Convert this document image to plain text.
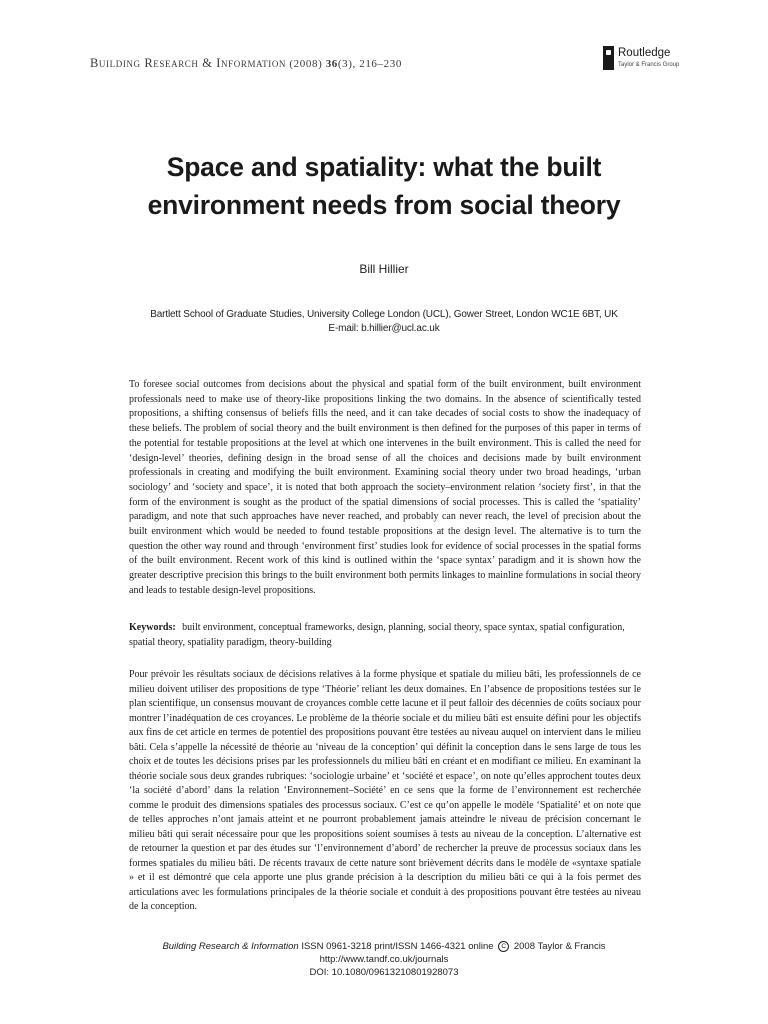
Building Research & Information (2008) 36(3), 216–230
Routledge
Taylor & Francis Group
Space and spatiality: what the built environment needs from social theory
Bill Hillier
Bartlett School of Graduate Studies, University College London (UCL), Gower Street, London WC1E 6BT, UK
E-mail: b.hillier@ucl.ac.uk

To foresee social outcomes from decisions about the physical and spatial form of the built environment, built environment professionals need to make use of theory-like propositions linking the two domains. In the absence of scientifically tested propositions, a shifting consensus of beliefs fills the need, and it can take decades of social costs to show the inadequacy of these beliefs. The problem of social theory and the built environment is then defined for the purposes of this paper in terms of the potential for testable propositions at the level at which one intervenes in the built environment. This is called the need for ‘design-level’ theories, defining design in the broad sense of all the choices and decisions made by built environment professionals in creating and modifying the built environment. Examining social theory under two broad headings, ‘urban sociology’ and ‘society and space’, it is noted that both approach the society–environment relation ‘society first’, in that the form of the environment is sought as the product of the spatial dimensions of social processes. This is called the ‘spatiality’ paradigm, and note that such approaches have never reached, and probably can never reach, the level of precision about the built environment which would be needed to found testable propositions at the design level. The alternative is to turn the question the other way round and through ‘environment first’ studies look for evidence of social processes in the spatial forms of the built environment. Recent work of this kind is outlined within the ‘space syntax’ paradigm and it is shown how the greater descriptive precision this brings to the built environment both permits linkages to mainline formulations in social theory and leads to testable design-level propositions.

Keywords: built environment, conceptual frameworks, design, planning, social theory, space syntax, spatial configuration, spatial theory, spatiality paradigm, theory-building

Pour prévoir les résultats sociaux de décisions relatives à la forme physique et spatiale du milieu bâti, les professionnels de ce milieu doivent utiliser des propositions de type ‘Théorie’ reliant les deux domaines. En l’absence de propositions testées sur le plan scientifique, un consensus mouvant de croyances comble cette lacune et il peut falloir des décennies de coûts sociaux pour montrer l’inadéquation de ces croyances. Le problème de la théorie sociale et du milieu bâti est ensuite défini pour les objectifs aux fins de cet article en termes de potentiel des propositions pouvant être testées au niveau auquel on intervient dans le milieu bâti. Cela s’appelle la nécessité de théorie au ‘niveau de la conception’ qui définit la conception dans le sens large de tous les choix et de toutes les décisions prises par les professionnels du milieu bâti en créant et en modifiant ce milieu. En examinant la théorie sociale sous deux grandes rubriques: ‘sociologie urbaine’ et ‘société et espace’, on note qu’elles approchent toutes deux ‘la société d’abord’ dans la relation ‘Environnement–Société’ en ce sens que la forme de l’environnement est recherchée comme le produit des dimensions spatiales des processus sociaux. C’est ce qu’on appelle le modèle ‘Spatialité’ et on note que de telles approches n’ont jamais atteint et ne pourront probablement jamais atteindre le niveau de précision concernant le milieu bâti qui serait nécessaire pour que les propositions soient soumises à tests au niveau de la conception. L’alternative est de retourner la question et par des études sur ‘l’environnement d’abord’ de rechercher la preuve de processus sociaux dans les formes spatiales du milieu bâti. De récents travaux de cette nature sont brièvement décrits dans le modèle de «syntaxe spatiale » et il est démontré que cela apporte une plus grande précision à la description du milieu bâti ce qui à la fois permet des articulations avec les formulations principales de la théorie sociale et conduit à des propositions pouvant être testées au niveau de la conception.

Building Research & Information ISSN 0961-3218 print/ISSN 1466-4321 online C 2008 Taylor & Francis
http://www.tandf.co.uk/journals
DOI: 10.1080/09613210801928073
